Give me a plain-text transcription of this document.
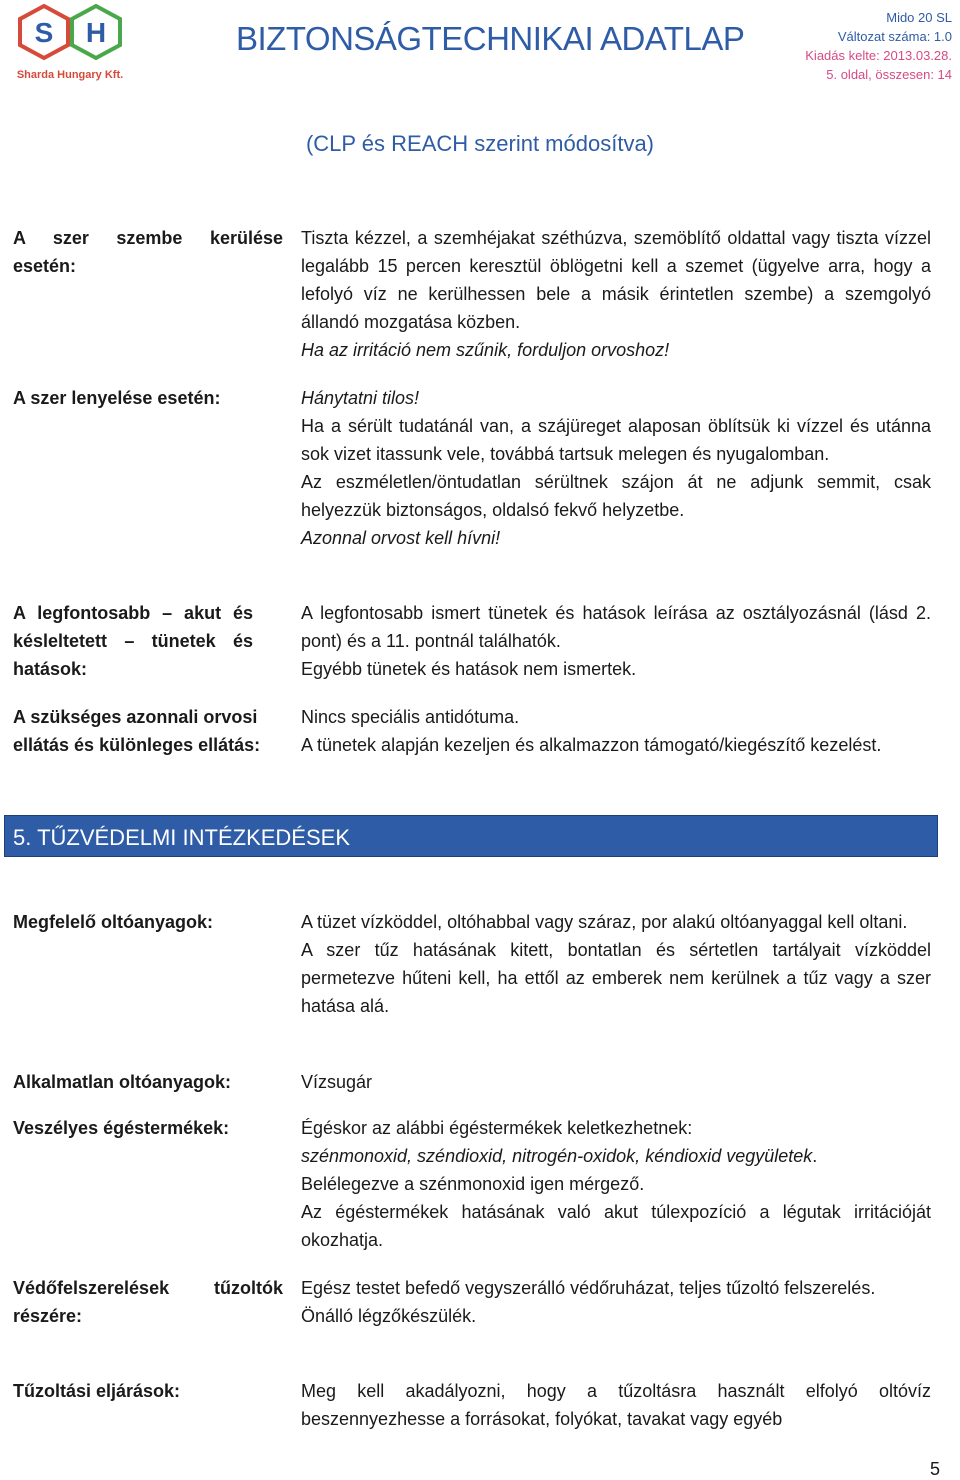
S H
Sharda Hungary Kft.
BIZTONSÁGTECHNIKAI ADATLAP
Mido 20 SL
Változat száma: 1.0
Kiadás kelte: 2013.03.28.
5. oldal, összesen: 14
(CLP és REACH szerint módosítva)
A szer szembe kerülése esetén:

Tiszta kézzel, a szemhéjakat széthúzva, szemöblítő oldattal vagy tiszta vízzel legalább 15 percen keresztül öblögetni kell a szemet (ügyelve arra, hogy a lefolyó víz ne kerülhessen bele a másik érintetlen szembe) a szemgolyó állandó mozgatása közben.

Ha az irritáció nem szűnik, forduljon orvoshoz!

A szer lenyelése esetén:	Hánytatni tilos!

Ha a sérült tudatánál van, a szájüreget alaposan öblítsük ki vízzel és utánna sok vizet itassunk vele, továbbá tartsuk melegen és nyugalomban.

Az eszméletlen/öntudatlan sérültnek szájon át ne adjunk semmit, csak helyezzük biztonságos, oldalsó fekvő helyzetbe.

Azonnal orvost kell hívni!

A legfontosabb – akut és késleltetett – tünetek és hatások:

A legfontosabb ismert tünetek és hatások leírása az osztályozásnál (lásd 2. pont) és a 11. pontnál találhatók.

Egyébb tünetek és hatások nem ismertek.

A szükséges azonnali orvosi ellátás és különleges ellátás:

Nincs speciális antidótuma.

A tünetek alapján kezeljen és alkalmazzon támogató/kiegészítő kezelést.

5. TŰZVÉDELMI INTÉZKEDÉSEK
Megfelelő oltóanyagok:	A tüzet vízköddel, oltóhabbal vagy száraz, por alakú oltóanyaggal kell oltani.

A szer tűz hatásának kitett, bontatlan és sértetlen tartályait vízköddel permetezve hűteni kell, ha ettől az emberek nem kerülnek a tűz vagy a szer hatása alá.

Alkalmatlan oltóanyagok:	Vízsugár

Veszélyes égéstermékek:	Égéskor az alábbi égéstermékek keletkezhetnek:

szénmonoxid, széndioxid, nitrogén-oxidok, kéndioxid vegyületek.

Belélegezve a szénmonoxid igen mérgező.

Az égéstermékek hatásának való akut túlexpozíció a légutak irritációját okozhatja.

Védőfelszerelések tűzoltók részére:

Egész testet befedő vegyszerálló védőruházat, teljes tűzoltó felszerelés.

Önálló légzőkészülék.

Tűzoltási eljárások:	Meg kell akadályozni, hogy a tűzoltásra használt elfolyó oltóvíz beszennyezhesse a forrásokat, folyókat, tavakat vagy egyéb

5
